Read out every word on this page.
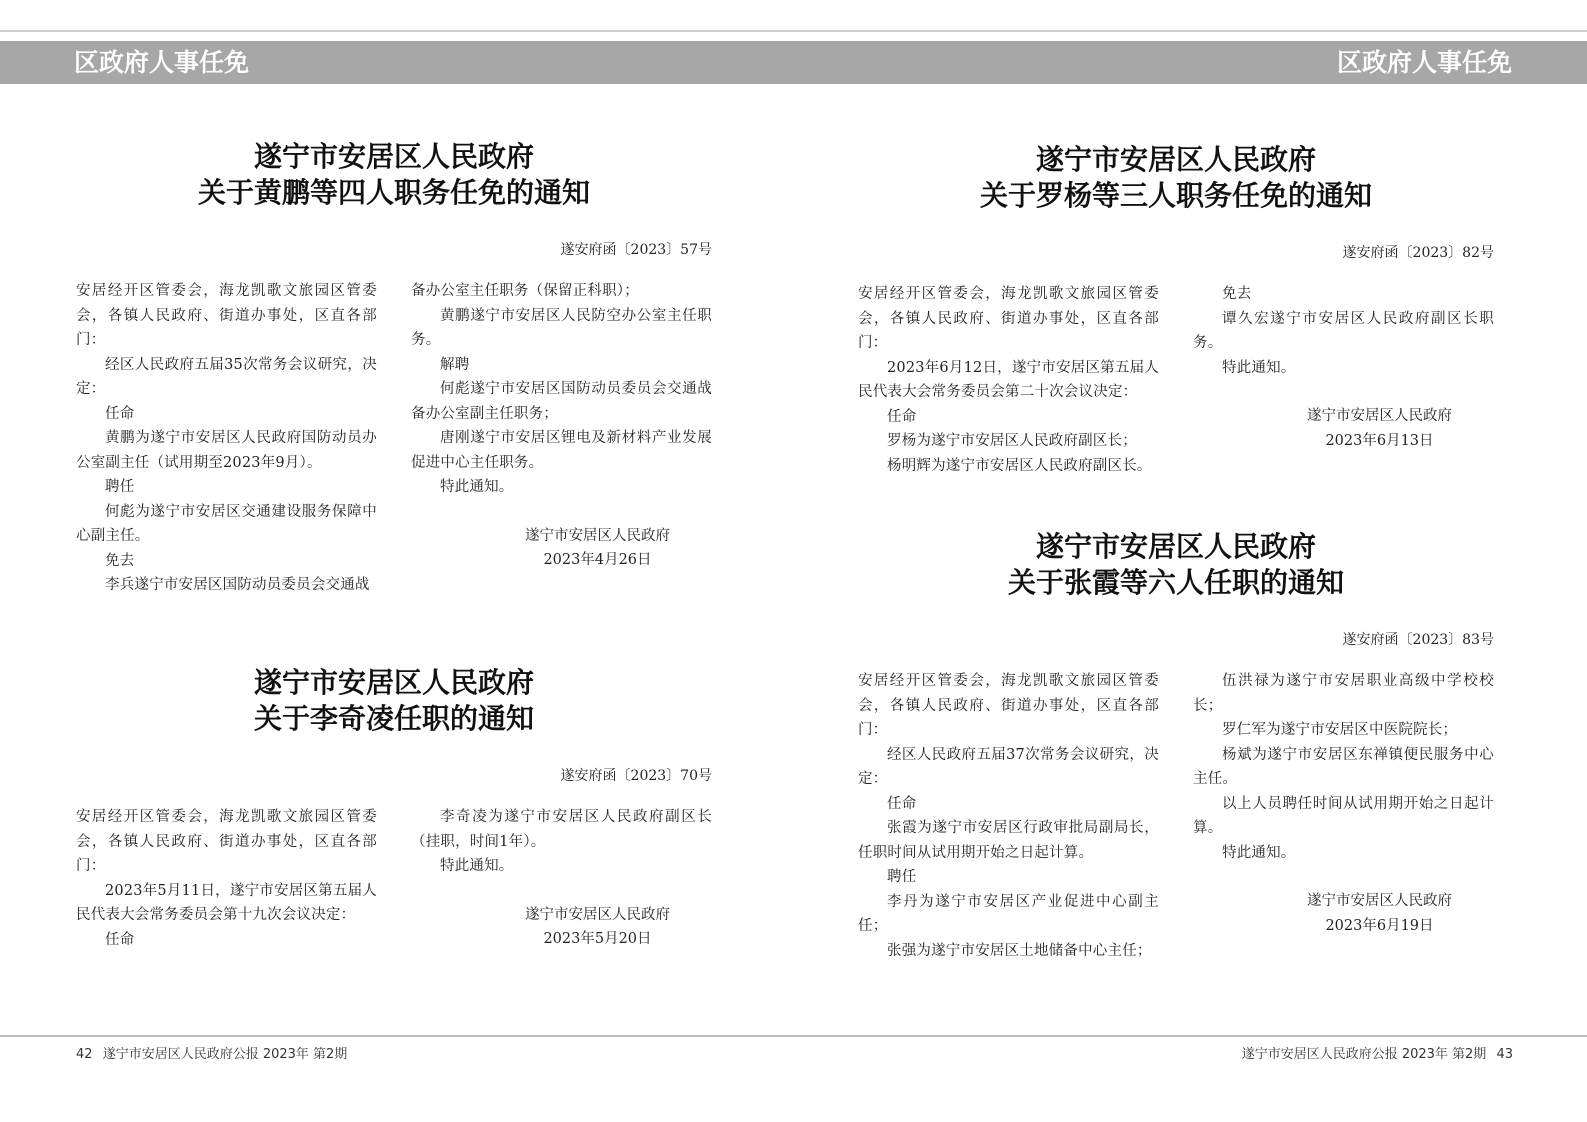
区政府人事任免	区政府人事任免
遂宁市安居区人民政府
关于黄鹏等四人职务任免的通知
遂安府函〔2023〕57号

安居经开区管委会，海龙凯歌文旅园区管委会，各镇人民政府、街道办事处，区直各部门：

经区人民政府五届35次常务会议研究，决定：

任命

黄鹏为遂宁市安居区人民政府国防动员办公室副主任（试用期至2023年9月）。

聘任

何彪为遂宁市安居区交通建设服务保障中心副主任。

免去

李兵遂宁市安居区国防动员委员会交通战

备办公室主任职务（保留正科职）；

黄鹏遂宁市安居区人民防空办公室主任职务。

解聘

何彪遂宁市安居区国防动员委员会交通战备办公室副主任职务；

唐刚遂宁市安居区锂电及新材料产业发展促进中心主任职务。

特此通知。

遂宁市安居区人民政府
2023年4月26日
遂宁市安居区人民政府
关于李奇凌任职的通知
遂安府函〔2023〕70号

安居经开区管委会，海龙凯歌文旅园区管委会，各镇人民政府、街道办事处，区直各部门：

2023年5月11日，遂宁市安居区第五届人民代表大会常务委员会第十九次会议决定：

任命

李奇凌为遂宁市安居区人民政府副区长（挂职，时间1年）。

特此通知。

遂宁市安居区人民政府
2023年5月20日
遂宁市安居区人民政府
关于罗杨等三人职务任免的通知
遂安府函〔2023〕82号

安居经开区管委会，海龙凯歌文旅园区管委会，各镇人民政府、街道办事处，区直各部门：

2023年6月12日，遂宁市安居区第五届人民代表大会常务委员会第二十次会议决定：

任命

罗杨为遂宁市安居区人民政府副区长；

杨明辉为遂宁市安居区人民政府副区长。

免去

谭久宏遂宁市安居区人民政府副区长职务。

特此通知。

遂宁市安居区人民政府
2023年6月13日
遂宁市安居区人民政府
关于张霞等六人任职的通知
遂安府函〔2023〕83号

安居经开区管委会，海龙凯歌文旅园区管委会，各镇人民政府、街道办事处，区直各部门：

经区人民政府五届37次常务会议研究，决定：

任命

张霞为遂宁市安居区行政审批局副局长，任职时间从试用期开始之日起计算。

聘任

李丹为遂宁市安居区产业促进中心副主任；

张强为遂宁市安居区土地储备中心主任；

伍洪禄为遂宁市安居职业高级中学校校长；

罗仁军为遂宁市安居区中医院院长；

杨斌为遂宁市安居区东禅镇便民服务中心主任。

以上人员聘任时间从试用期开始之日起计算。

特此通知。

遂宁市安居区人民政府
2023年6月19日
42 遂宁市安居区人民政府公报 2023年 第2期	遂宁市安居区人民政府公报 2023年 第2期 43
